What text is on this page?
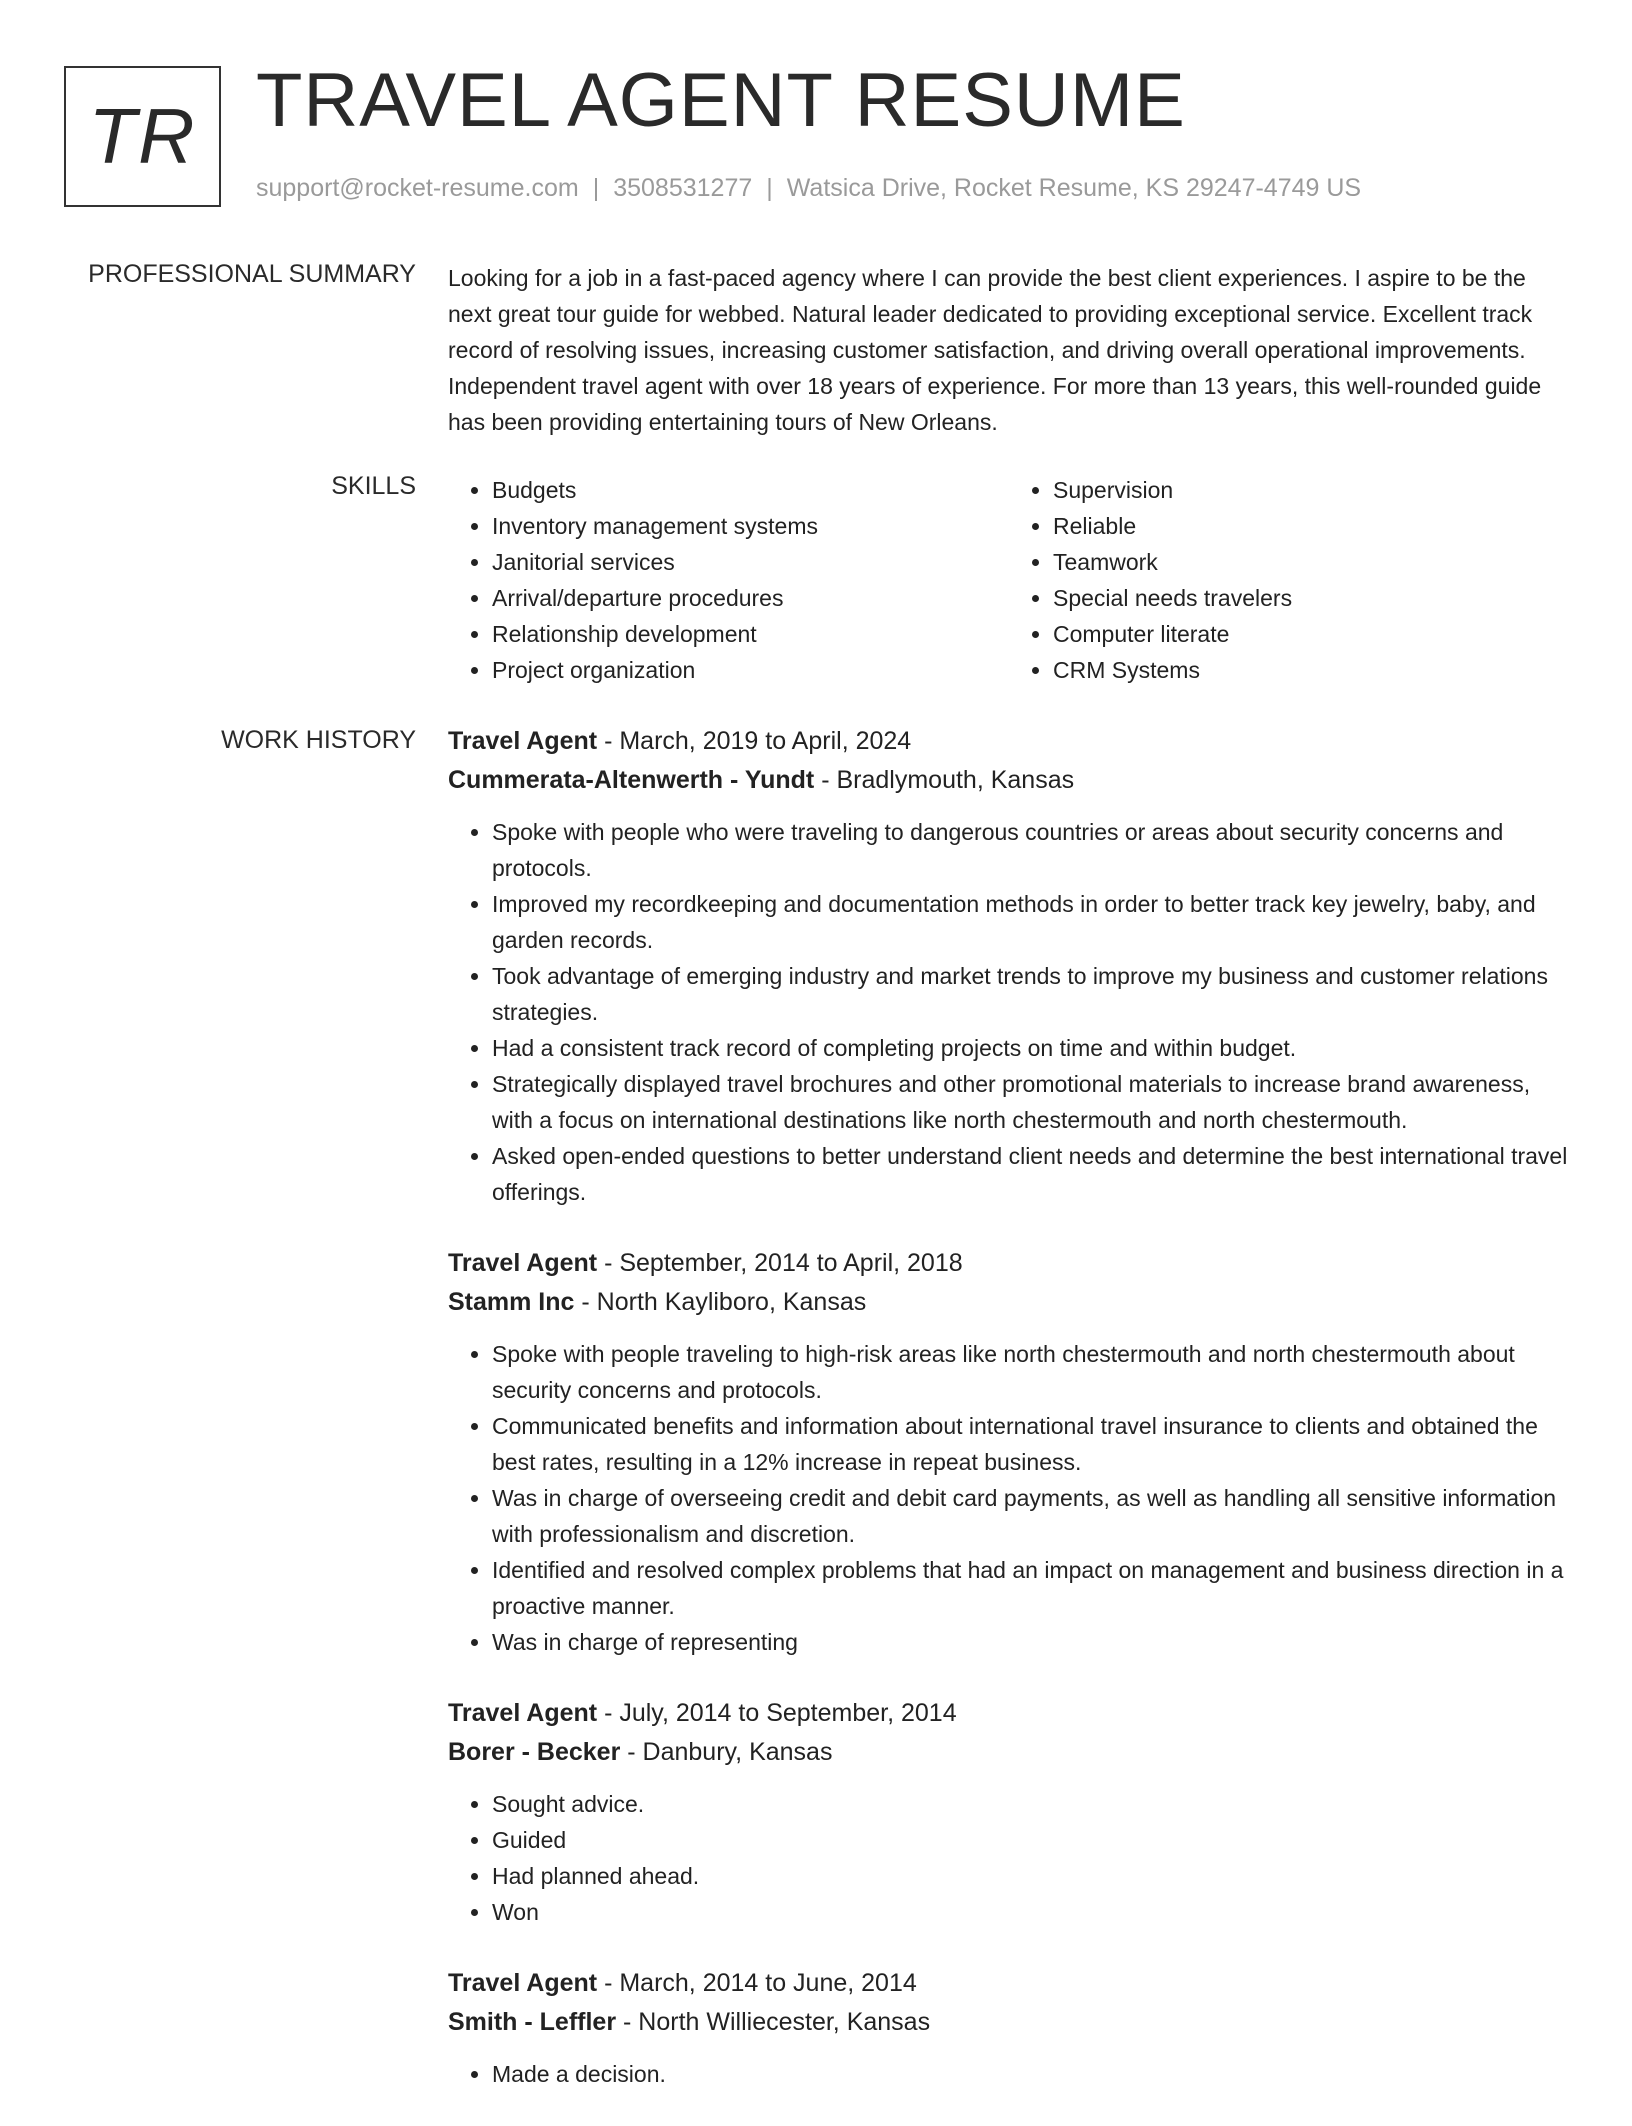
TR TRAVEL AGENT RESUME
support@rocket-resume.com | 3508531277 | Watsica Drive, Rocket Resume, KS 29247-4749 US
PROFESSIONAL SUMMARY Looking for a job in a fast-paced agency where I can provide the best client experiences. I aspire to be the next great tour guide for webbed. Natural leader dedicated to providing exceptional service. Excellent track record of resolving issues, increasing customer satisfaction, and driving overall operational improvements. Independent travel agent with over 18 years of experience. For more than 13 years, this well-rounded guide has been providing entertaining tours of New Orleans.

SKILLS
•	Budgets
• Inventory management systems
• Janitorial services
• Arrival/departure procedures
• Relationship development
• Project organization
• Supervision
• Reliable
• Teamwork
• Special needs travelers
• Computer literate
• CRM Systems
WORK HISTORY Travel Agent - March, 2019 to April, 2024
Cummerata-Altenwerth - Yundt - Bradlymouth, Kansas
• Spoke with people who were traveling to dangerous countries or areas about security concerns and protocols.
• Improved my recordkeeping and documentation methods in order to better track key jewelry, baby, and garden records.
• Took advantage of emerging industry and market trends to improve my business and customer relations strategies.
• Had a consistent track record of completing projects on time and within budget.
• Strategically displayed travel brochures and other promotional materials to increase brand awareness, with a focus on international destinations like north chestermouth and north chestermouth.
• Asked open-ended questions to better understand client needs and determine the best international travel offerings.
Travel Agent - September, 2014 to April, 2018
Stamm Inc - North Kayliboro, Kansas
• Spoke with people traveling to high-risk areas like north chestermouth and north chestermouth about security concerns and protocols.
• Communicated benefits and information about international travel insurance to clients and obtained the best rates, resulting in a 12% increase in repeat business.
• Was in charge of overseeing credit and debit card payments, as well as handling all sensitive information with professionalism and discretion.
• Identified and resolved complex problems that had an impact on management and business direction in a proactive manner.
• Was in charge of representing
Travel Agent - July, 2014 to September, 2014
Borer - Becker - Danbury, Kansas
• Sought advice.
• Guided
• Had planned ahead.
• Won
Travel Agent - March, 2014 to June, 2014
Smith - Leffler - North Williecester, Kansas
• Made a decision.
